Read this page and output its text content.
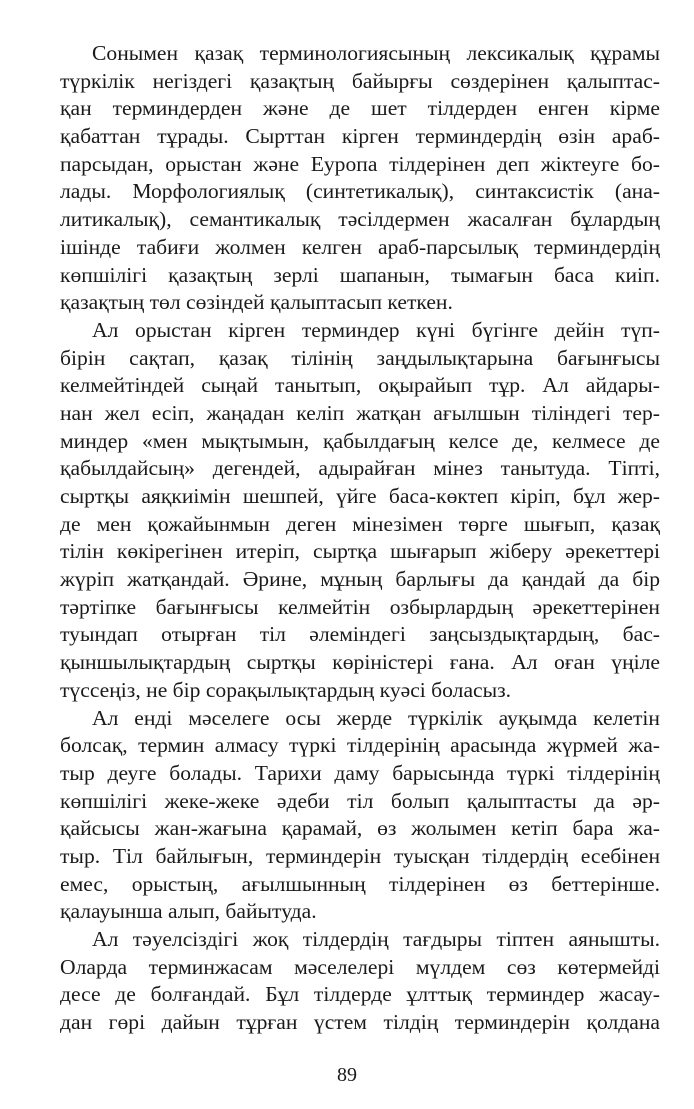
Сонымен қазақ терминологиясының лексикалық құрамы
түркілік негіздегі қазақтың байырғы сөздерінен қалыптас-
қан терминдерден және де шет тілдерден енген кірме
қабаттан тұрады. Сырттан кірген терминдердің өзін араб-
парсыдан, орыстан және Еуропа тілдерінен деп жіктеуге бо-
лады. Морфологиялық (синтетикалық), синтаксистік (ана-
литикалық), семантикалық тәсілдермен жасалған бұлардың
ішінде табиғи жолмен келген араб-парсылық терминдердің
көпшілігі қазақтың зерлі шапанын, тымағын баса киіп.
қазақтың төл сөзіндей қалыптасып кеткен.
Ал орыстан кірген терминдер күні бүгінге дейін түп-
бірін сақтап, қазақ тілінің заңдылықтарына бағынғысы
келмейтіндей сыңай танытып, оқырайып тұр. Ал айдары-
нан жел есіп, жаңадан келіп жатқан ағылшын тіліндегі тер-
миндер «мен мықтымын, қабылдағың келсе де, келмесе де
қабылдайсың» дегендей, адырайған мінез танытуда. Тіпті,
сыртқы аяқкиімін шешпей, үйге баса-көктеп кіріп, бұл жер-
де мен қожайынмын деген мінезімен төрге шығып, қазақ
тілін көкірегінен итеріп, сыртқа шығарып жіберу әрекеттері
жүріп жатқандай. Әрине, мұның барлығы да қандай да бір
тәртіпке бағынғысы келмейтін озбырлардың әрекеттерінен
туындап отырған тіл әлеміндегі заңсыздықтардың, бас-
қыншылықтардың сыртқы көріністері ғана. Ал оған үңіле
түссеңіз, не бір сорақылықтардың куәсі боласыз.
Ал енді мәселеге осы жерде түркілік ауқымда келетін
болсақ, термин алмасу түркі тілдерінің арасында жүрмей жа-
тыр деуге болады. Тарихи даму барысында түркі тілдерінің
көпшілігі жеке-жеке әдеби тіл болып қалыптасты да әр-
қайсысы жан-жағына қарамай, өз жолымен кетіп бара жа-
тыр. Тіл байлығын, терминдерін туысқан тілдердің есебінен
емес, орыстың, ағылшынның тілдерінен өз беттерінше.
қалауынша алып, байытуда.
Ал тәуелсіздігі жоқ тілдердің тағдыры тіптен аянышты.
Оларда терминжасам мәселелері мүлдем сөз көтермейді
десе де болғандай. Бұл тілдерде ұлттық терминдер жасау-
дан гөрі дайын тұрған үстем тілдің терминдерін қолдана
89
